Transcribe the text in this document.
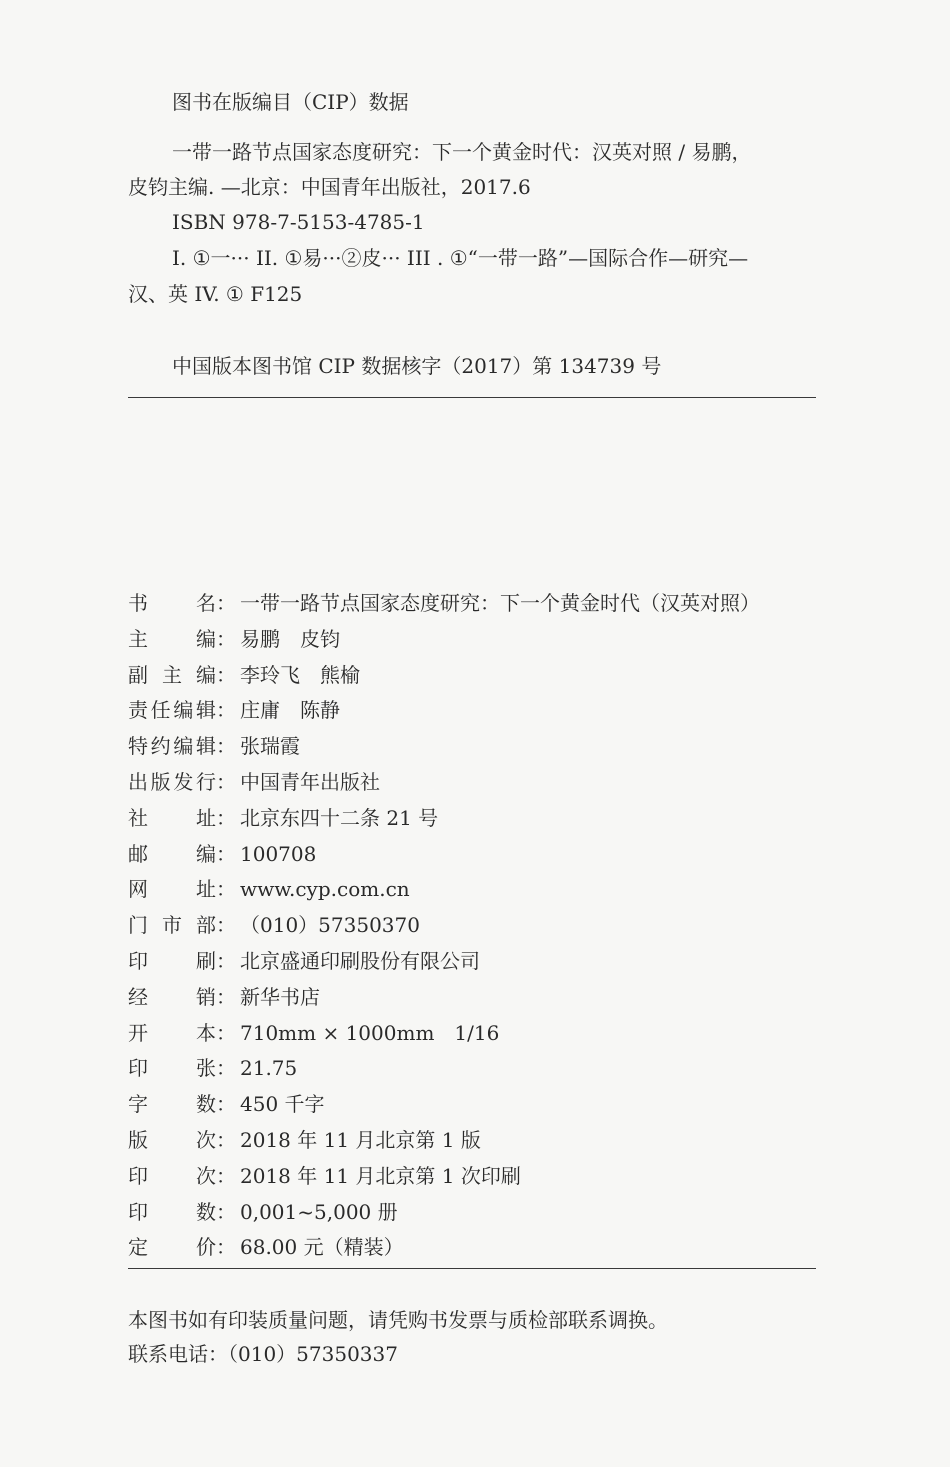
图书在版编目（CIP）数据
一带一路节点国家态度研究：下一个黄金时代：汉英对照 / 易鹏，
皮钧主编. —北京：中国青年出版社，2017.6
ISBN 978-7-5153-4785-1
I. ①一··· II. ①易···②皮··· III . ①“一带一路”—国际合作—研究—
汉、英 IV. ① F125
中国版本图书馆 CIP 数据核字（2017）第 134739 号
书 名： 一带一路节点国家态度研究：下一个黄金时代（汉英对照）
主 编： 易鹏　皮钧
副 主 编： 李玲飞　熊榆
责 任 编 辑： 庄庸　陈静
特 约 编 辑： 张瑞霞
出 版 发 行： 中国青年出版社
社 址： 北京东四十二条 21 号
邮 编： 100708
网 址： www.cyp.com.cn
门 市 部： （010）57350370
印 刷： 北京盛通印刷股份有限公司
经 销： 新华书店
开 本： 710mm × 1000mm　1/16
印 张： 21.75
字 数： 450 千字
版 次： 2018 年 11 月北京第 1 版
印 次： 2018 年 11 月北京第 1 次印刷
印 数： 0,001~5,000 册
定 价： 68.00 元（精装）
本图书如有印装质量问题，请凭购书发票与质检部联系调换。
联系电话：（010）57350337
